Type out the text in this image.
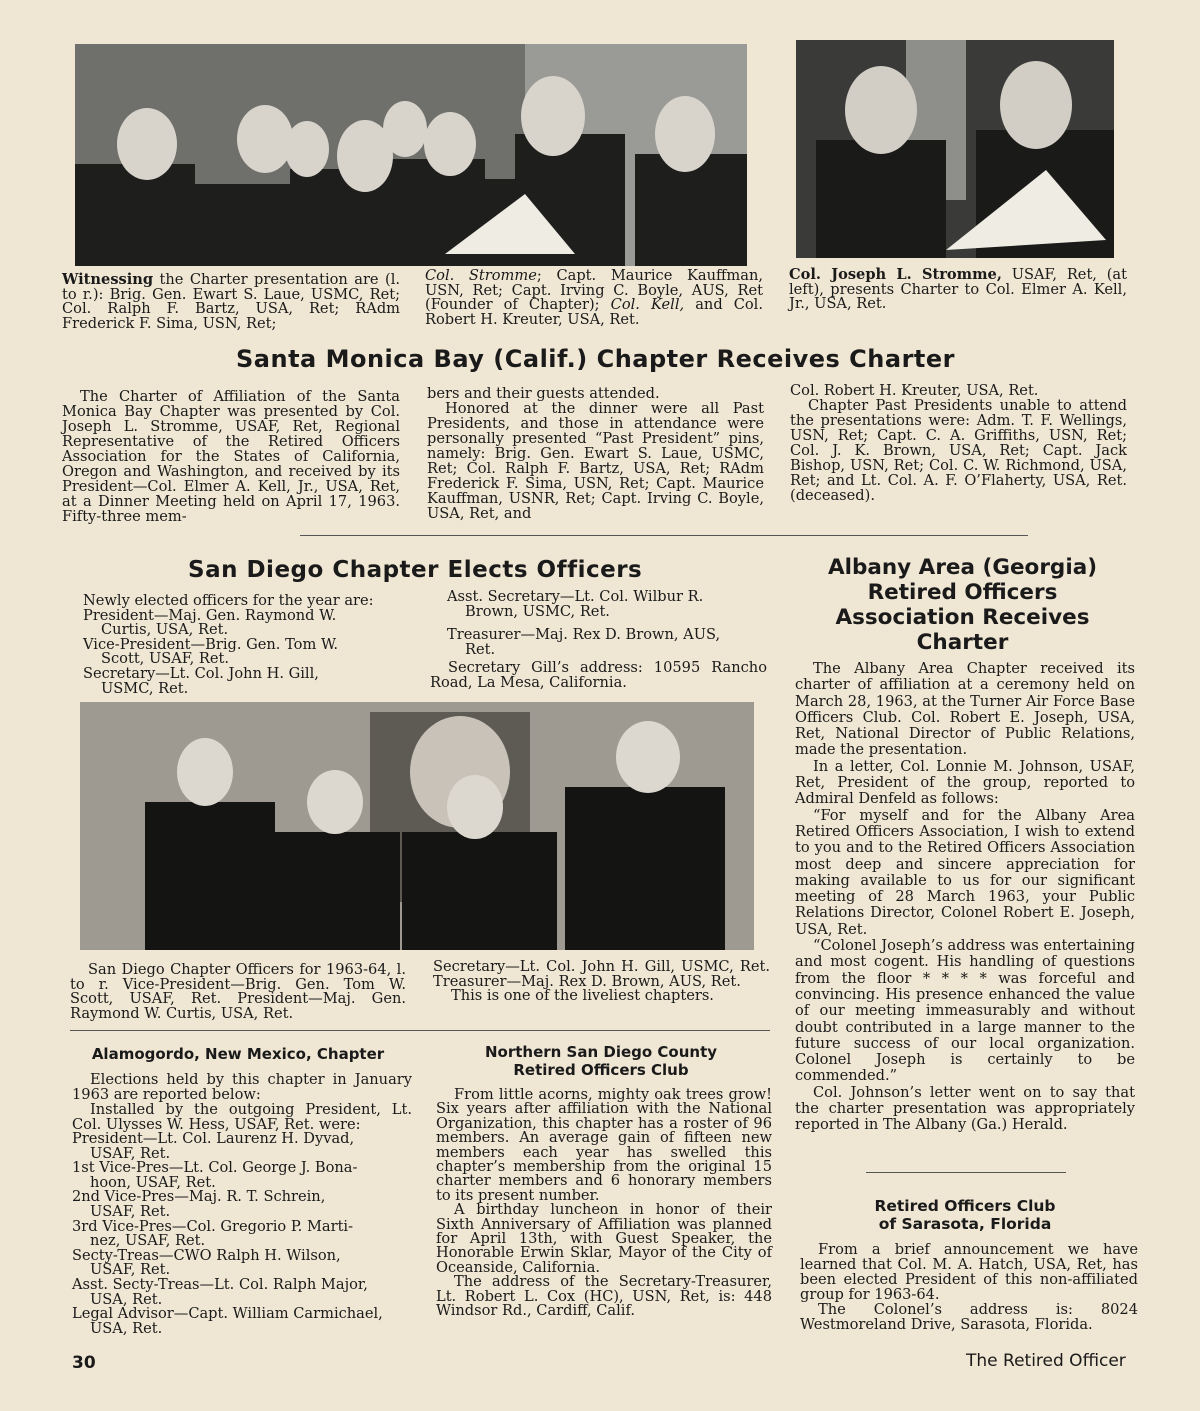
Witnessing the Charter presentation are (l. to r.): Brig. Gen. Ewart S. Laue, USMC, Ret; Col. Ralph F. Bartz, USA, Ret; RAdm Frederick F. Sima, USN, Ret;
Col. Stromme; Capt. Maurice Kauffman, USN, Ret; Capt. Irving C. Boyle, AUS, Ret (Founder of Chapter); Col. Kell, and Col. Robert H. Kreuter, USA, Ret.
Col. Joseph L. Stromme, USAF, Ret, (at left), presents Charter to Col. Elmer A. Kell, Jr., USA, Ret.
Santa Monica Bay (Calif.) Chapter Receives Charter

The Charter of Affiliation of the Santa Monica Bay Chapter was presented by Col. Joseph L. Stromme, USAF, Ret, Regional Representative of the Retired Officers Association for the States of California, Oregon and Washington, and received by its President—Col. Elmer A. Kell, Jr., USA, Ret, at a Dinner Meeting held on April 17, 1963. Fifty-three mem-

bers and their guests attended.

Honored at the dinner were all Past Presidents, and those in attendance were personally presented “Past President” pins, namely: Brig. Gen. Ewart S. Laue, USMC, Ret; Col. Ralph F. Bartz, USA, Ret; RAdm Frederick F. Sima, USN, Ret; Capt. Maurice Kauffman, USNR, Ret; Capt. Irving C. Boyle, USA, Ret, and

Col. Robert H. Kreuter, USA, Ret.

Chapter Past Presidents unable to attend the presentations were: Adm. T. F. Wellings, USN, Ret; Capt. C. A. Griffiths, USN, Ret; Col. J. K. Brown, USA, Ret; Capt. Jack Bishop, USN, Ret; Col. C. W. Richmond, USA, Ret; and Lt. Col. A. F. O’Flaherty, USA, Ret. (deceased).

San Diego Chapter Elects Officers
Newly elected officers for the year are:
President—Maj. Gen. Raymond W.
Curtis, USA, Ret.
Vice-President—Brig. Gen. Tom W.
Scott, USAF, Ret.
Secretary—Lt. Col. John H. Gill,
USMC, Ret.
Asst. Secretary—Lt. Col. Wilbur R.
Brown, USMC, Ret.
Treasurer—Maj. Rex D. Brown, AUS,
Ret.

Secretary Gill’s address: 10595 Rancho Road, La Mesa, California.

San Diego Chapter Officers for 1963-64, l. to r. Vice-President—Brig. Gen. Tom W. Scott, USAF, Ret. President—Maj. Gen. Raymond W. Curtis, USA, Ret.

Secretary—Lt. Col. John H. Gill, USMC, Ret. Treasurer—Maj. Rex D. Brown, AUS, Ret.

This is one of the liveliest chapters.

Albany Area (Georgia)
Retired Officers
Association Receives
Charter

The Albany Area Chapter received its charter of affiliation at a ceremony held on March 28, 1963, at the Turner Air Force Base Officers Club. Col. Robert E. Joseph, USA, Ret, National Director of Public Relations, made the presentation.

In a letter, Col. Lonnie M. Johnson, USAF, Ret, President of the group, reported to Admiral Denfeld as follows:

“For myself and for the Albany Area Retired Officers Association, I wish to extend to you and to the Retired Officers Association most deep and sincere appreciation for making available to us for our significant meeting of 28 March 1963, your Public Relations Director, Colonel Robert E. Joseph, USA, Ret.

“Colonel Joseph’s address was entertaining and most cogent. His handling of questions from the floor * * * * was forceful and convincing. His presence enhanced the value of our meeting immeasurably and without doubt contributed in a large manner to the future success of our local organization. Colonel Joseph is certainly to be commended.”

Col. Johnson’s letter went on to say that the charter presentation was appropriately reported in The Albany (Ga.) Herald.

Retired Officers Club
of Sarasota, Florida

From a brief announcement we have learned that Col. M. A. Hatch, USA, Ret, has been elected President of this non-affiliated group for 1963-64.

The Colonel’s address is: 8024 Westmoreland Drive, Sarasota, Florida.

Alamogordo, New Mexico, Chapter

Elections held by this chapter in January 1963 are reported below:

Installed by the outgoing President, Lt. Col. Ulysses W. Hess, USAF, Ret. were:

President—Lt. Col. Laurenz H. Dyvad,
USAF, Ret.
1st Vice-Pres—Lt. Col. George J. Bona-
hoon, USAF, Ret.
2nd Vice-Pres—Maj. R. T. Schrein,
USAF, Ret.
3rd Vice-Pres—Col. Gregorio P. Marti-
nez, USAF, Ret.
Secty-Treas—CWO Ralph H. Wilson,
USAF, Ret.
Asst. Secty-Treas—Lt. Col. Ralph Major,
USA, Ret.
Legal Advisor—Capt. William Carmichael,
USA, Ret.
Northern San Diego County
Retired Officers Club

From little acorns, mighty oak trees grow! Six years after affiliation with the National Organization, this chapter has a roster of 96 members. An average gain of fifteen new members each year has swelled this chapter’s membership from the original 15 charter members and 6 honorary members to its present number.

A birthday luncheon in honor of their Sixth Anniversary of Affiliation was planned for April 13th, with Guest Speaker, the Honorable Erwin Sklar, Mayor of the City of Oceanside, California.

The address of the Secretary-Treasurer, Lt. Robert L. Cox (HC), USN, Ret, is: 448 Windsor Rd., Cardiff, Calif.

30	The Retired Officer
